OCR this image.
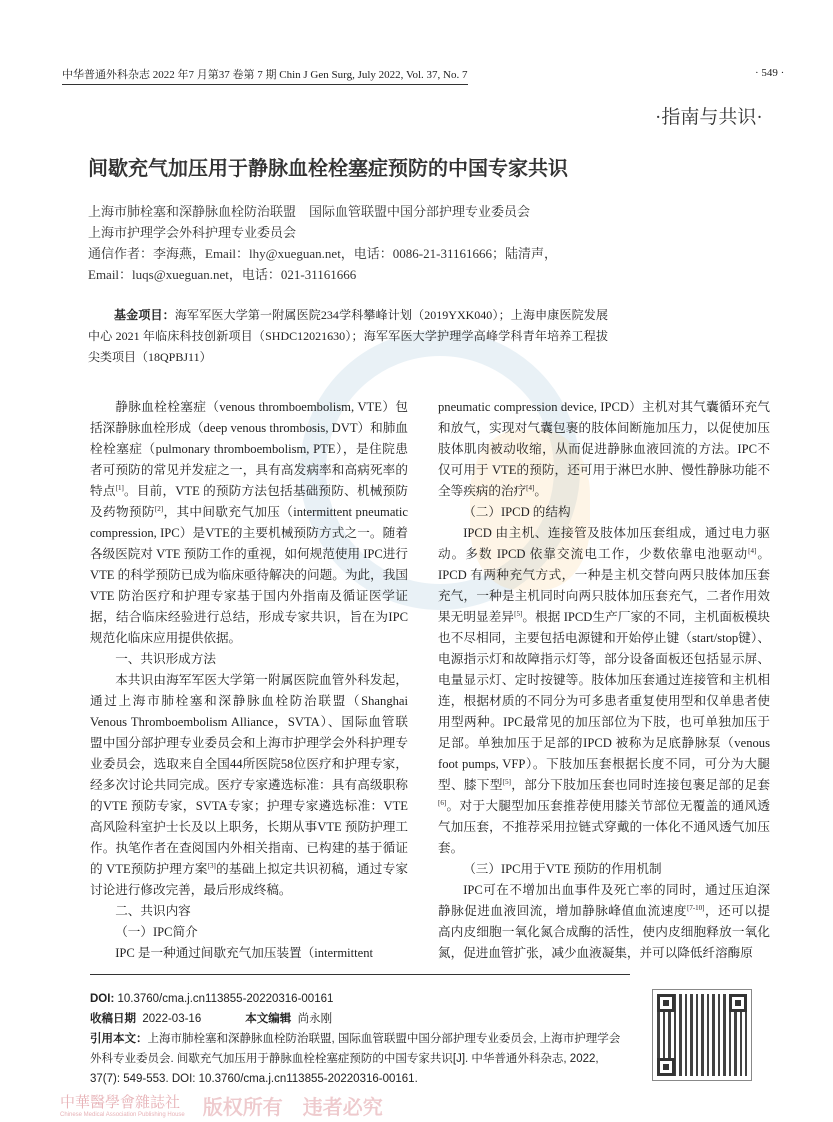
中华普通外科杂志 2022 年7 月第37 卷第 7 期 Chin J Gen Surg, July 2022, Vol. 37, No. 7	· 549 ·
·指南与共识·
间歇充气加压用于静脉血栓栓塞症预防的中国专家共识
上海市肺栓塞和深静脉血栓防治联盟　国际血管联盟中国分部护理专业委员会
上海市护理学会外科护理专业委员会
通信作者：李海燕，Email：lhy@xueguan.net，电话：0086-21-31161666；陆清声，
Email：luqs@xueguan.net，电话：021-31161666
基金项目：海军军医大学第一附属医院234学科攀峰计划（2019YXK040）；上海申康医院发展中心 2021 年临床科技创新项目（SHDC12021630）；海军军医大学护理学高峰学科青年培养工程拔尖类项目（18QPBJ11）

静脉血栓栓塞症（venous thromboembolism, VTE）包括深静脉血栓形成（deep venous thrombosis, DVT）和肺血栓栓塞症（pulmonary thromboembolism, PTE），是住院患者可预防的常见并发症之一，具有高发病率和高病死率的特点[1]。目前，VTE 的预防方法包括基础预防、机械预防及药物预防[2]，其中间歇充气加压（intermittent pneumatic compression, IPC）是VTE的主要机械预防方式之一。随着各级医院对 VTE 预防工作的重视，如何规范使用 IPC进行VTE 的科学预防已成为临床亟待解决的问题。为此，我国VTE 防治医疗和护理专家基于国内外指南及循证医学证据，结合临床经验进行总结，形成专家共识，旨在为IPC规范化临床应用提供依据。

一、共识形成方法

本共识由海军军医大学第一附属医院血管外科发起，通过上海市肺栓塞和深静脉血栓防治联盟（Shanghai Venous Thromboembolism Alliance，SVTA）、国际血管联盟中国分部护理专业委员会和上海市护理学会外科护理专业委员会，选取来自全国44所医院58位医疗和护理专家，经多次讨论共同完成。医疗专家遴选标准：具有高级职称的VTE 预防专家，SVTA专家；护理专家遴选标准：VTE高风险科室护士长及以上职务，长期从事VTE 预防护理工作。执笔作者在查阅国内外相关指南、已构建的基于循证的 VTE预防护理方案[3]的基础上拟定共识初稿，通过专家讨论进行修改完善，最后形成终稿。

二、共识内容

（一）IPC简介

IPC 是一种通过间歇充气加压装置（intermittent

pneumatic compression device, IPCD）主机对其气囊循环充气和放气，实现对气囊包裹的肢体间断施加压力，以促使加压肢体肌肉被动收缩，从而促进静脉血液回流的方法。IPC不仅可用于 VTE的预防，还可用于淋巴水肿、慢性静脉功能不全等疾病的治疗[4]。

（二）IPCD 的结构

IPCD 由主机、连接管及肢体加压套组成，通过电力驱动。多数 IPCD 依靠交流电工作，少数依靠电池驱动[4]。IPCD 有两种充气方式，一种是主机交替向两只肢体加压套充气，一种是主机同时向两只肢体加压套充气，二者作用效果无明显差异[5]。根据 IPCD生产厂家的不同，主机面板模块也不尽相同，主要包括电源键和开始停止键（start/stop键）、电源指示灯和故障指示灯等，部分设备面板还包括显示屏、电量显示灯、定时按键等。肢体加压套通过连接管和主机相连，根据材质的不同分为可多患者重复使用型和仅单患者使用型两种。IPC最常见的加压部位为下肢，也可单独加压于足部。单独加压于足部的IPCD 被称为足底静脉泵（venous foot pumps, VFP）。下肢加压套根据长度不同，可分为大腿型、膝下型[5]，部分下肢加压套也同时连接包裹足部的足套[6]。对于大腿型加压套推荐使用膝关节部位无覆盖的通风透气加压套，不推荐采用拉链式穿戴的一体化不通风透气加压套。

（三）IPC用于VTE 预防的作用机制

IPC可在不增加出血事件及死亡率的同时，通过压迫深静脉促进血液回流，增加静脉峰值血流速度[7-10]，还可以提高内皮细胞一氧化氮合成酶的活性，使内皮细胞释放一氧化氮，促进血管扩张，减少血液凝集，并可以降低纤溶酶原

DOI: 10.3760/cma.j.cn113855-20220316-00161
收稿日期 2022-03-16	本文编辑 尚永刚
引用本文：上海市肺栓塞和深静脉血栓防治联盟, 国际血管联盟中国分部护理专业委员会, 上海市护理学会外科专业委员会. 间歇充气加压用于静脉血栓栓塞症预防的中国专家共识[J]. 中华普通外科杂志, 2022, 37(7): 549-553. DOI: 10.3760/cma.j.cn113855-20220316-00161.
中華醫學會雜誌社
Chinese Medical Association Publishing House 版权所有　违者必究
